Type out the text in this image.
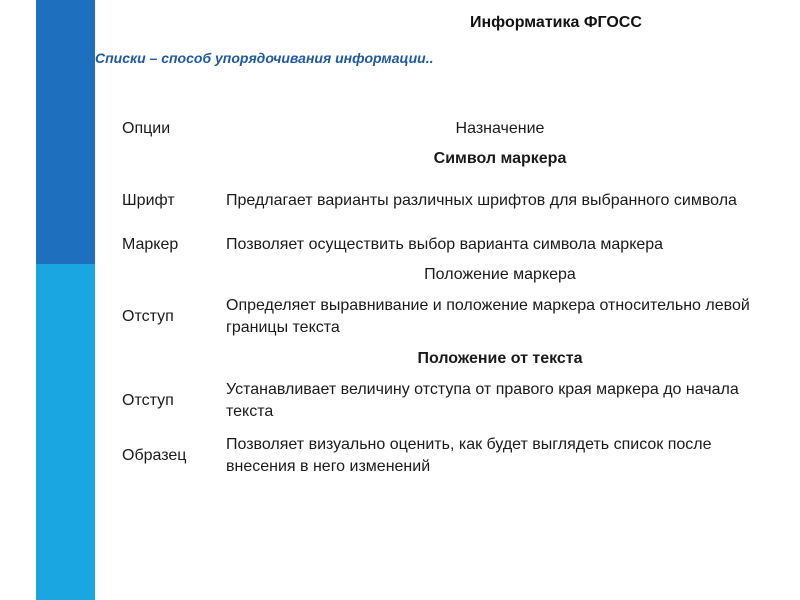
Информатика ФГОСС
Списки – способ упорядочивания информации..
Опции	Назначение
	Символ маркера
Шрифт	Предлагает варианты различных шрифтов для выбранного символа
Маркер	Позволяет осуществить выбор варианта символа маркера
	Положение маркера
Отступ	Определяет выравнивание и положение маркера относительно левой границы текста
	Положение от текста
Отступ	Устанавливает величину отступа от правого края маркера до начала текста
Образец	Позволяет визуально оценить, как будет выглядеть список после внесения в него изменений
